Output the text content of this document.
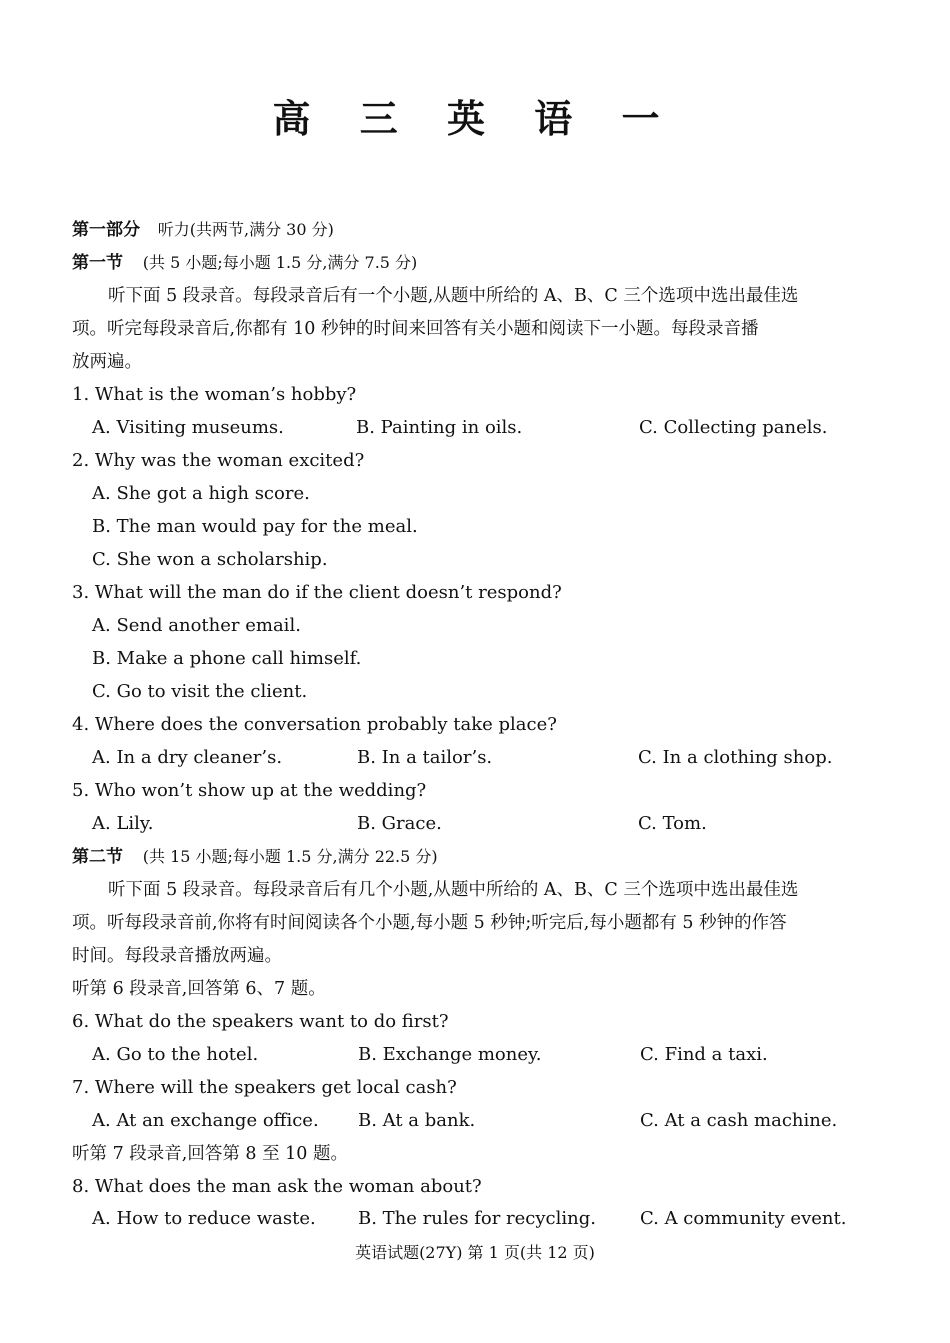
高 三 英 语 一
第一部分 听力(共两节,满分 30 分)
第一节 (共 5 小题;每小题 1.5 分,满分 7.5 分)
听下面 5 段录音。每段录音后有一个小题,从题中所给的 A、B、C 三个选项中选出最佳选
项。听完每段录音后,你都有 10 秒钟的时间来回答有关小题和阅读下一小题。每段录音播
放两遍。
1. What is the woman’s hobby?
A. Visiting museums.	B. Painting in oils.	C. Collecting panels.
2. Why was the woman excited?
A. She got a high score.
B. The man would pay for the meal.
C. She won a scholarship.
3. What will the man do if the client doesn’t respond?
A. Send another email.
B. Make a phone call himself.
C. Go to visit the client.
4. Where does the conversation probably take place?
A. In a dry cleaner’s.	B. In a tailor’s.	C. In a clothing shop.
5. Who won’t show up at the wedding?
A. Lily.	B. Grace.	C. Tom.
第二节 (共 15 小题;每小题 1.5 分,满分 22.5 分)
听下面 5 段录音。每段录音后有几个小题,从题中所给的 A、B、C 三个选项中选出最佳选
项。听每段录音前,你将有时间阅读各个小题,每小题 5 秒钟;听完后,每小题都有 5 秒钟的作答
时间。每段录音播放两遍。
听第 6 段录音,回答第 6、7 题。
6. What do the speakers want to do first?
A. Go to the hotel.	B. Exchange money.	C. Find a taxi.
7. Where will the speakers get local cash?
A. At an exchange office. B. At a bank.	C. At a cash machine.
听第 7 段录音,回答第 8 至 10 题。
8. What does the man ask the woman about?
A. How to reduce waste. B. The rules for recycling. C. A community event.
英语试题(27Y) 第 1 页(共 12 页)
